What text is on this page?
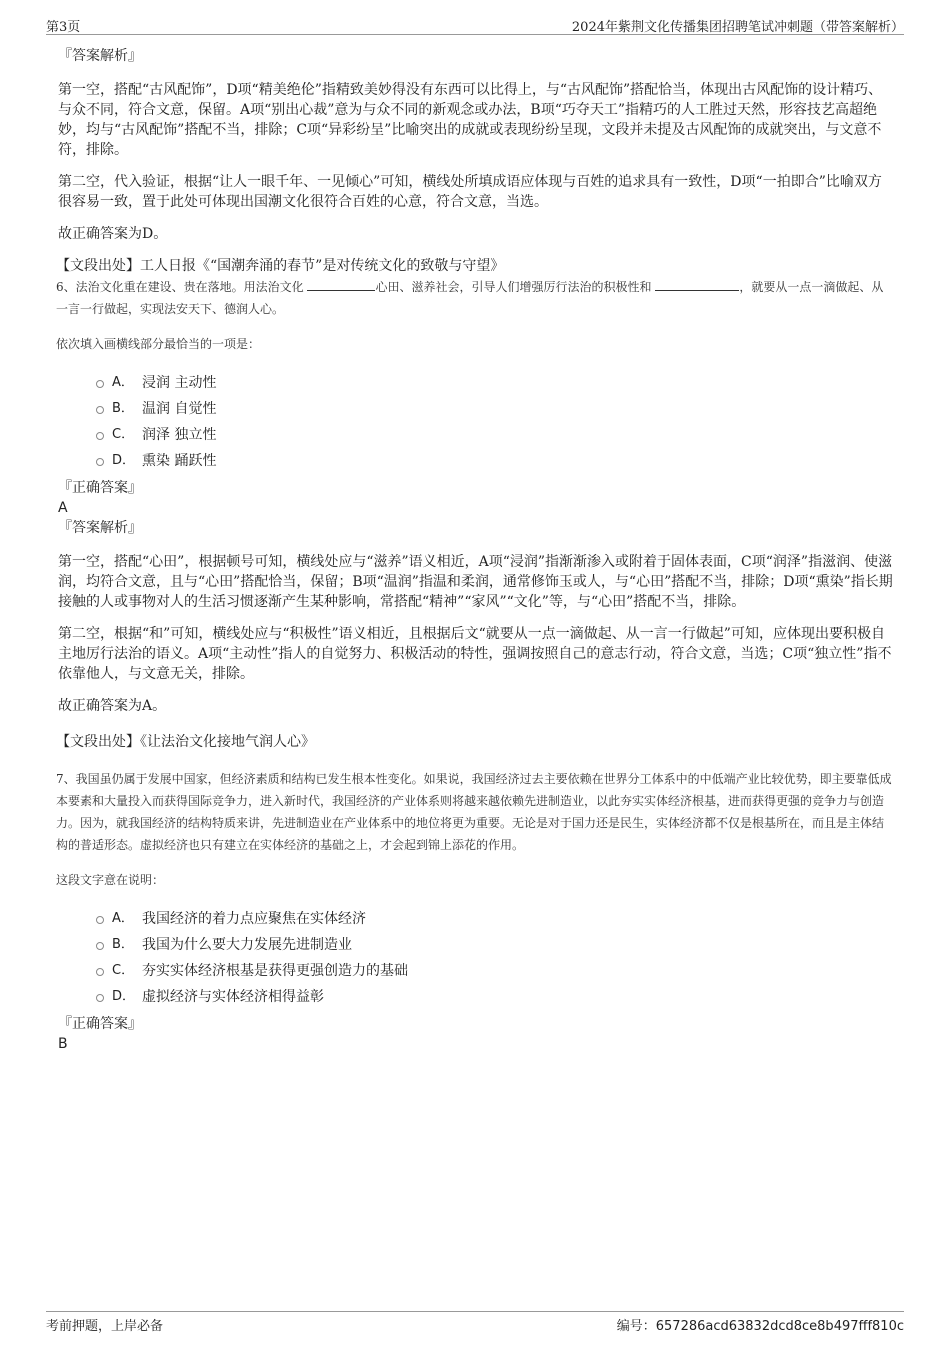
第3页	2024年紫荆文化传播集团招聘笔试冲刺题（带答案解析）

『答案解析』

第一空，搭配“古风配饰”，D项“精美绝伦”指精致美妙得没有东西可以比得上，与“古风配饰”搭配恰当，体现出古风配饰的设计精巧、与众不同，符合文意，保留。A项“别出心裁”意为与众不同的新观念或办法，B项“巧夺天工”指精巧的人工胜过天然，形容技艺高超绝妙，均与“古风配饰”搭配不当，排除；C项“异彩纷呈”比喻突出的成就或表现纷纷呈现，文段并未提及古风配饰的成就突出，与文意不符，排除。

第二空，代入验证，根据“让人一眼千年、一见倾心”可知，横线处所填成语应体现与百姓的追求具有一致性，D项“一拍即合”比喻双方很容易一致，置于此处可体现出国潮文化很符合百姓的心意，符合文意，当选。

故正确答案为D。

【文段出处】工人日报《“国潮奔涌的春节”是对传统文化的致敬与守望》

6、法治文化重在建设、贵在落地。用法治文化	心田、滋养社会，引导人们增强厉行法治的积极性和	，就要从一点一滴做起、从一言一行做起，实现法安天下、德润人心。

依次填入画横线部分最恰当的一项是：

A． 浸润 主动性
B． 温润 自觉性
C． 润泽 独立性
D． 熏染 踊跃性

『正确答案』

A

『答案解析』

第一空，搭配“心田”，根据顿号可知，横线处应与“滋养”语义相近，A项“浸润”指渐渐渗入或附着于固体表面，C项“润泽”指滋润、使滋润，均符合文意，且与“心田”搭配恰当，保留；B项“温润”指温和柔润，通常修饰玉或人，与“心田”搭配不当，排除；D项“熏染”指长期接触的人或事物对人的生活习惯逐渐产生某种影响，常搭配“精神”“家风”“文化”等，与“心田”搭配不当，排除。

第二空，根据“和”可知，横线处应与“积极性”语义相近，且根据后文“就要从一点一滴做起、从一言一行做起”可知，应体现出要积极自主地厉行法治的语义。A项“主动性”指人的自觉努力、积极活动的特性，强调按照自己的意志行动，符合文意，当选；C项“独立性”指不依靠他人，与文意无关，排除。

故正确答案为A。

【文段出处】《让法治文化接地气润人心》

7、我国虽仍属于发展中国家，但经济素质和结构已发生根本性变化。如果说，我国经济过去主要依赖在世界分工体系中的中低端产业比较优势，即主要靠低成本要素和大量投入而获得国际竞争力，进入新时代，我国经济的产业体系则将越来越依赖先进制造业，以此夯实实体经济根基，进而获得更强的竞争力与创造力。因为，就我国经济的结构特质来讲，先进制造业在产业体系中的地位将更为重要。无论是对于国力还是民生，实体经济都不仅是根基所在，而且是主体结构的普适形态。虚拟经济也只有建立在实体经济的基础之上，才会起到锦上添花的作用。

这段文字意在说明：

A． 我国经济的着力点应聚焦在实体经济
B． 我国为什么要大力发展先进制造业
C． 夯实实体经济根基是获得更强创造力的基础
D． 虚拟经济与实体经济相得益彰

『正确答案』

B

考前押题，上岸必备	编号：657286acd63832dcd8ce8b497fff810c
